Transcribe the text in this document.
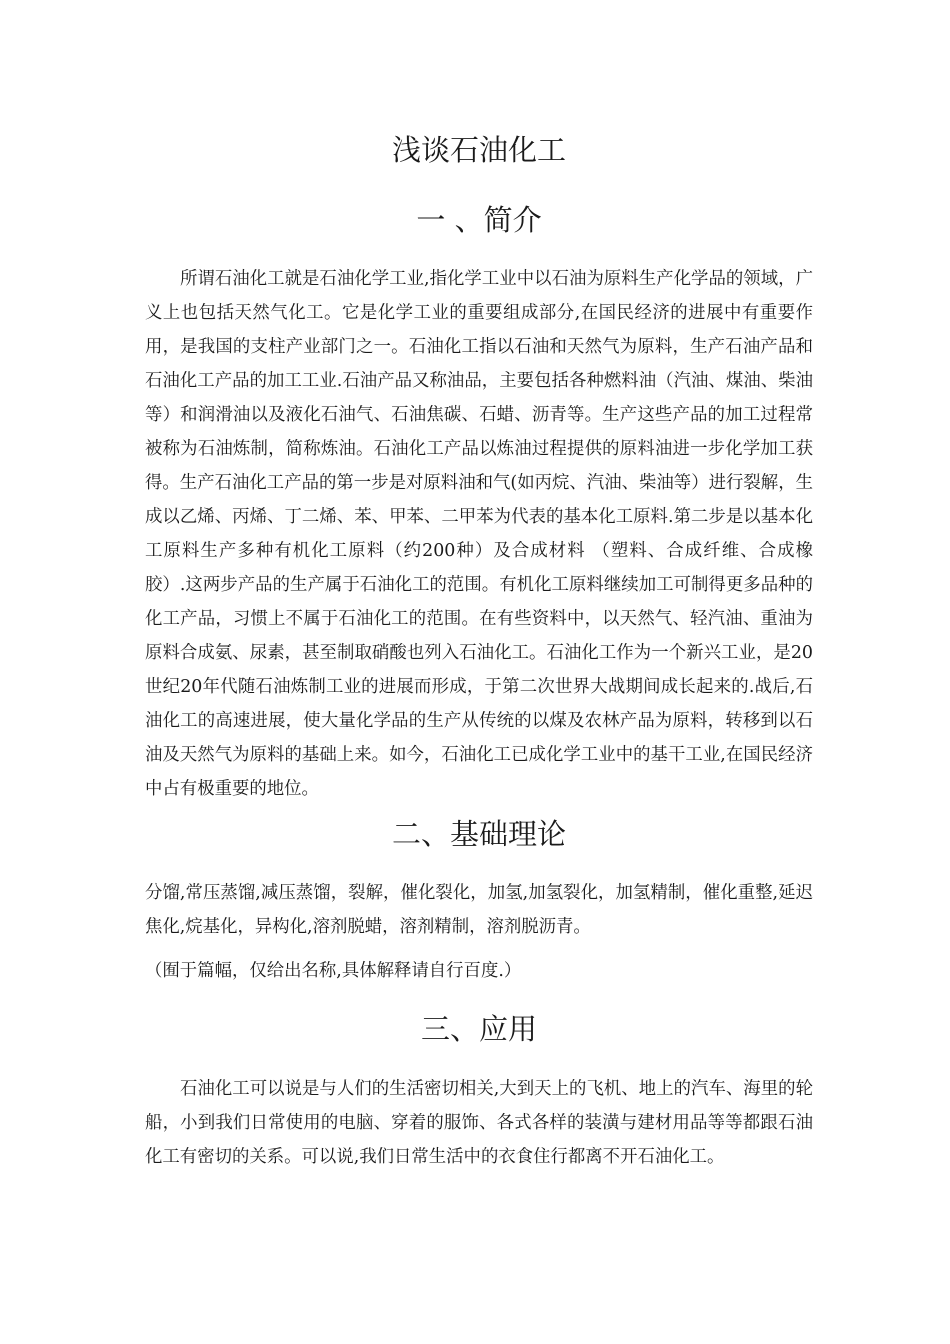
浅谈石油化工
一 、简介

所谓石油化工就是石油化学工业,指化学工业中以石油为原料生产化学品的领域，广义上也包括天然气化工。它是化学工业的重要组成部分,在国民经济的进展中有重要作用，是我国的支柱产业部门之一。石油化工指以石油和天然气为原料，生产石油产品和石油化工产品的加工工业.石油产品又称油品，主要包括各种燃料油（汽油、煤油、柴油等）和润滑油以及液化石油气、石油焦碳、石蜡、沥青等。生产这些产品的加工过程常被称为石油炼制，简称炼油。石油化工产品以炼油过程提供的原料油进一步化学加工获得。生产石油化工产品的第一步是对原料油和气(如丙烷、汽油、柴油等）进行裂解，生成以乙烯、丙烯、丁二烯、苯、甲苯、二甲苯为代表的基本化工原料.第二步是以基本化工原料生产多种有机化工原料（约200种）及合成材料 （塑料、合成纤维、合成橡胶）.这两步产品的生产属于石油化工的范围。有机化工原料继续加工可制得更多品种的化工产品，习惯上不属于石油化工的范围。在有些资料中，以天然气、轻汽油、重油为原料合成氨、尿素，甚至制取硝酸也列入石油化工。石油化工作为一个新兴工业，是20世纪20年代随石油炼制工业的进展而形成，于第二次世界大战期间成长起来的.战后,石油化工的高速进展，使大量化学品的生产从传统的以煤及农林产品为原料，转移到以石油及天然气为原料的基础上来。如今，石油化工已成化学工业中的基干工业,在国民经济中占有极重要的地位。

二、基础理论

分馏,常压蒸馏,减压蒸馏，裂解，催化裂化，加氢,加氢裂化，加氢精制，催化重整,延迟焦化,烷基化，异构化,溶剂脱蜡，溶剂精制，溶剂脱沥青。

（囿于篇幅，仅给出名称,具体解释请自行百度.）

三、应用

石油化工可以说是与人们的生活密切相关,大到天上的飞机、地上的汽车、海里的轮船，小到我们日常使用的电脑、穿着的服饰、各式各样的装潢与建材用品等等都跟石油化工有密切的关系。可以说,我们日常生活中的衣食住行都离不开石油化工。
